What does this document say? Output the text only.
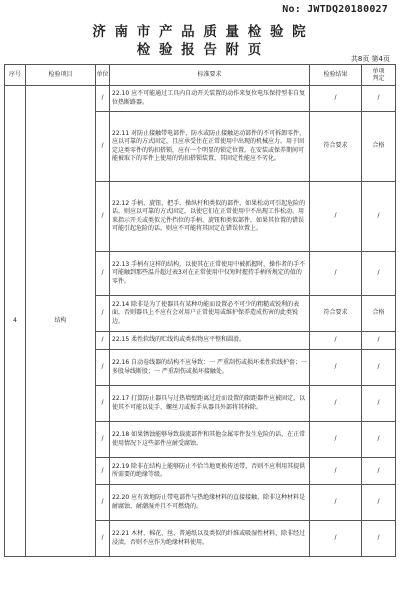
No: JWTDQ20180027
济 南 市 产 品 质 量 检 验 院
检 验 报 告 附 页
共8页 第4页
序号	检验项目	单位	标准要求	检验结果	单项
判定
4	结构	/	22.10 应不可能通过工具内自动开关装置的动作来复位电压保持型非自复位热断路器。	/	/
		/	22.11 对防止接触带电部件、防水或防止接触运动部件的不可拆卸零件，应以可靠的方式固定，且应承受住在正常使用中出现的机械应力。用于固定这类零件的钩扣搭锁，应有一个明显的锁定位置。在安装或保养期间可能被取下的零件上使用的钩扣搭锁装置，其固定性能应不劣化。	符合要求	合格
		/	22.12 手柄、旋钮、把手、操纵杆和类似的部件，如果松动可引起危险的话，则应以可靠的方式固定，以使它们在正常使用中不出现工作松动。用来指示开关或类似元件挡位的手柄、旋钮和类似部件，如果其位置的错误可能引起危险的话，则应不可能将其固定在错误位置上。	/	/
		/	22.13 手柄有这样的结构，以使其在正常使用中被抓握时，操作者的手不可能触到那些温升超过表3对在正常使用中仅短时握持手柄所规定的值的零件。	/	/
		/	22.14 除非是为了使器具有某种功能而设置必不可少的粗糙或锐利的表面，否则器具上不应有会对用户正常使用或维护保养造成伤害的此类锐边。	符合要求	合格
		/	22.15 柔性软线的贮线钩或类似物应平整和圆滑。	/	/
		/	22.16 自动卷线器的结构不应导致：一 严重刮伤或损坏柔性软线护套；一 多股导线断股；一 严重刮伤或损坏接触处。	/	/
		/	22.17 打算防止器具与过热墙壁距离过近而设置的限距器件应被固定，以使其不可能以徒手、螺丝刀或扳手从器具外部将其拆除。	/	/
		/	22.18 如果锈蚀能够导致载流部件和其他金属零件发生危险的话，在正常使用情况下这些部件应耐受腐蚀。	/	/
		/	22.19 除非在结构上能够防止不恰当地更换传送带，否则不应利用其提供所需要的绝缘等级。	/	/
		/	22.20 应有效地防止带电部件与热绝缘材料的直接接触，除非这种材料是耐腐蚀、耐潮湿并且不可燃烧的。	/	/
		/	22.21 木材、棉花、丝、普通纸以及类似的纤维或吸湿性材料，除非经过浸渍，否则不应作为绝缘材料使用。	/	/
